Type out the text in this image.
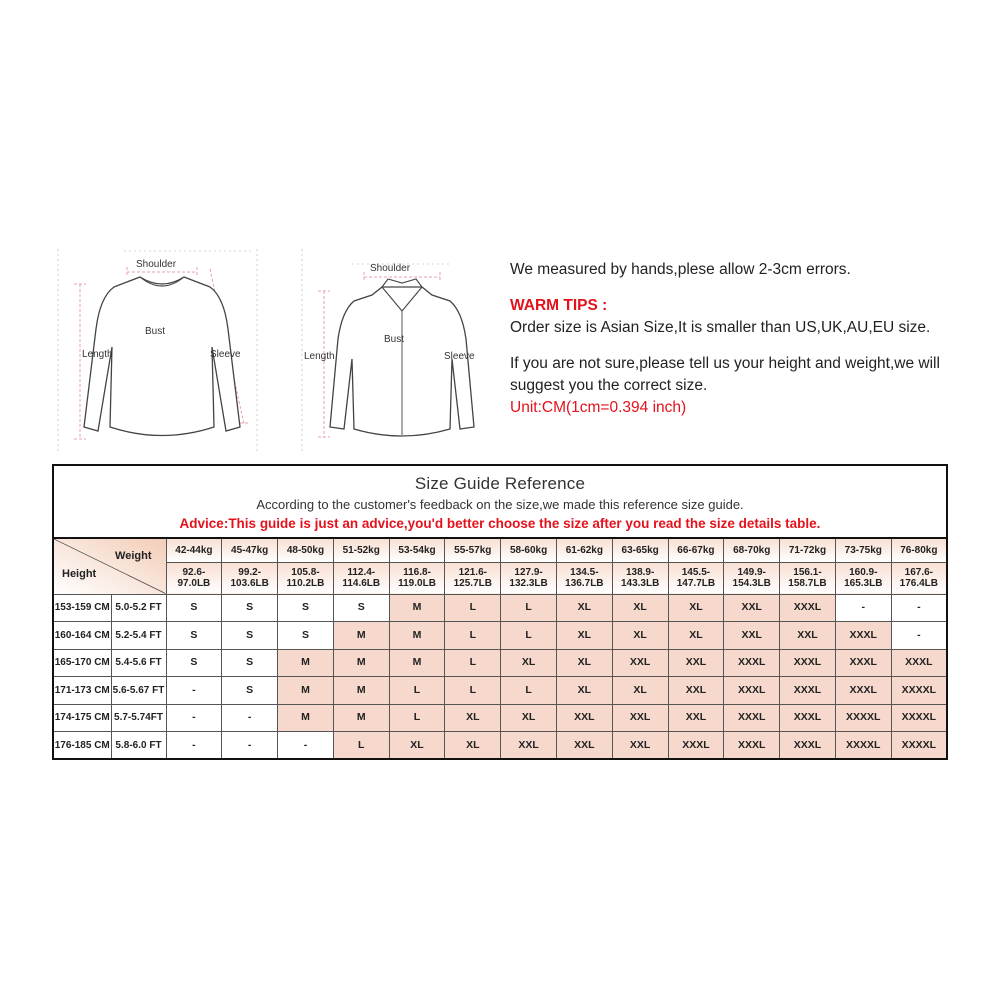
Shoulder
Bust
Length	Sleeve
Shoulder
Bust
Length	Sleeve
We measured by hands,plese allow 2-3cm errors.
WARM TIPS :
Order size is Asian Size,It is smaller than US,UK,AU,EU size.
If you are not sure,please tell us your height and weight,we will suggest you the correct size.
Unit:CM(1cm=0.394 inch)
Size Guide Reference
According to the customer's feedback on the size,we made this reference size guide.
Advice:This guide is just an advice,you'd better choose the size after you read the size details table.
Weight
Height		42-44kg	45-47kg	48-50kg	51-52kg	53-54kg	55-57kg	58-60kg	61-62kg	63-65kg	66-67kg	68-70kg	71-72kg	73-75kg	76-80kg
		92.6-97.0LB	99.2-103.6LB	105.8-110.2LB	112.4-114.6LB	116.8-119.0LB	121.6-125.7LB	127.9-132.3LB	134.5-136.7LB	138.9-143.3LB	145.5-147.7LB	149.9-154.3LB	156.1-158.7LB	160.9-165.3LB	167.6-176.4LB
153-159 CM	5.0-5.2 FT	S	S	S	S	M	L	L	XL	XL	XL	XXL	XXXL	-	-
160-164 CM	5.2-5.4 FT	S	S	S	M	M	L	L	XL	XL	XL	XXL	XXL	XXXL	-
165-170 CM	5.4-5.6 FT	S	S	M	M	M	L	XL	XL	XXL	XXL	XXXL	XXXL	XXXL	XXXL
171-173 CM	5.6-5.67 FT	-	S	M	M	L	L	L	XL	XL	XXL	XXXL	XXXL	XXXL	XXXXL
174-175 CM	5.7-5.74FT	-	-	M	M	L	XL	XL	XXL	XXL	XXL	XXXL	XXXL	XXXXL	XXXXL
176-185 CM	5.8-6.0 FT	-	-	-	L	XL	XL	XXL	XXL	XXL	XXXL	XXXL	XXXL	XXXXL	XXXXL
